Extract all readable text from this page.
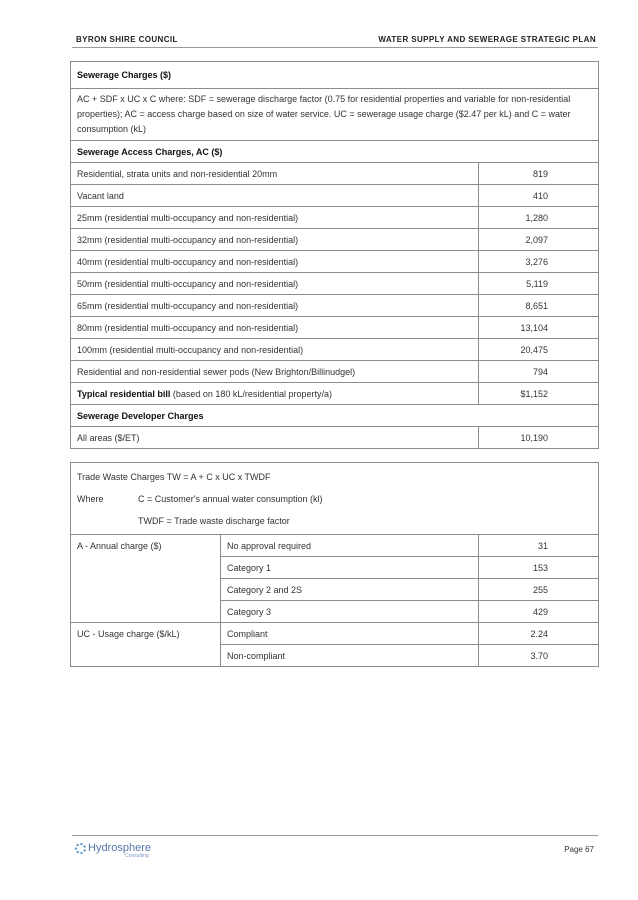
BYRON SHIRE COUNCIL	WATER SUPPLY AND SEWERAGE STRATEGIC PLAN
Sewerage Charges ($)	
AC + SDF x UC x C where: SDF = sewerage discharge factor (0.75 for residential properties and variable for non-residential properties); AC = access charge based on size of water service. UC = sewerage usage charge ($2.47 per kL) and C = water consumption (kL)	
Sewerage Access Charges, AC ($)	
Residential, strata units and non-residential 20mm	819
Vacant land	410
25mm (residential multi-occupancy and non-residential)	1,280
32mm (residential multi-occupancy and non-residential)	2,097
40mm (residential multi-occupancy and non-residential)	3,276
50mm (residential multi-occupancy and non-residential)	5,119
65mm (residential multi-occupancy and non-residential)	8,651
80mm (residential multi-occupancy and non-residential)	13,104
100mm (residential multi-occupancy and non-residential)	20,475
Residential and non-residential sewer pods (New Brighton/Billinudgel)	794
Typical residential bill (based on 180 kL/residential property/a)	$1,152
Sewerage Developer Charges	
All areas ($/ET)	10,190
Trade Waste Charges TW = A + C x UC x TWDF
Where C = Customer's annual water consumption (kl)
TWDF = Trade waste discharge factor		

A - Annual charge ($)	No approval required	31
	Category 1	153
	Category 2 and 2S	255
	Category 3	429
UC - Usage charge ($/kL)	Compliant	2.24
	Non-compliant	3.70
Hydrosphere
Consulting
Page 67
